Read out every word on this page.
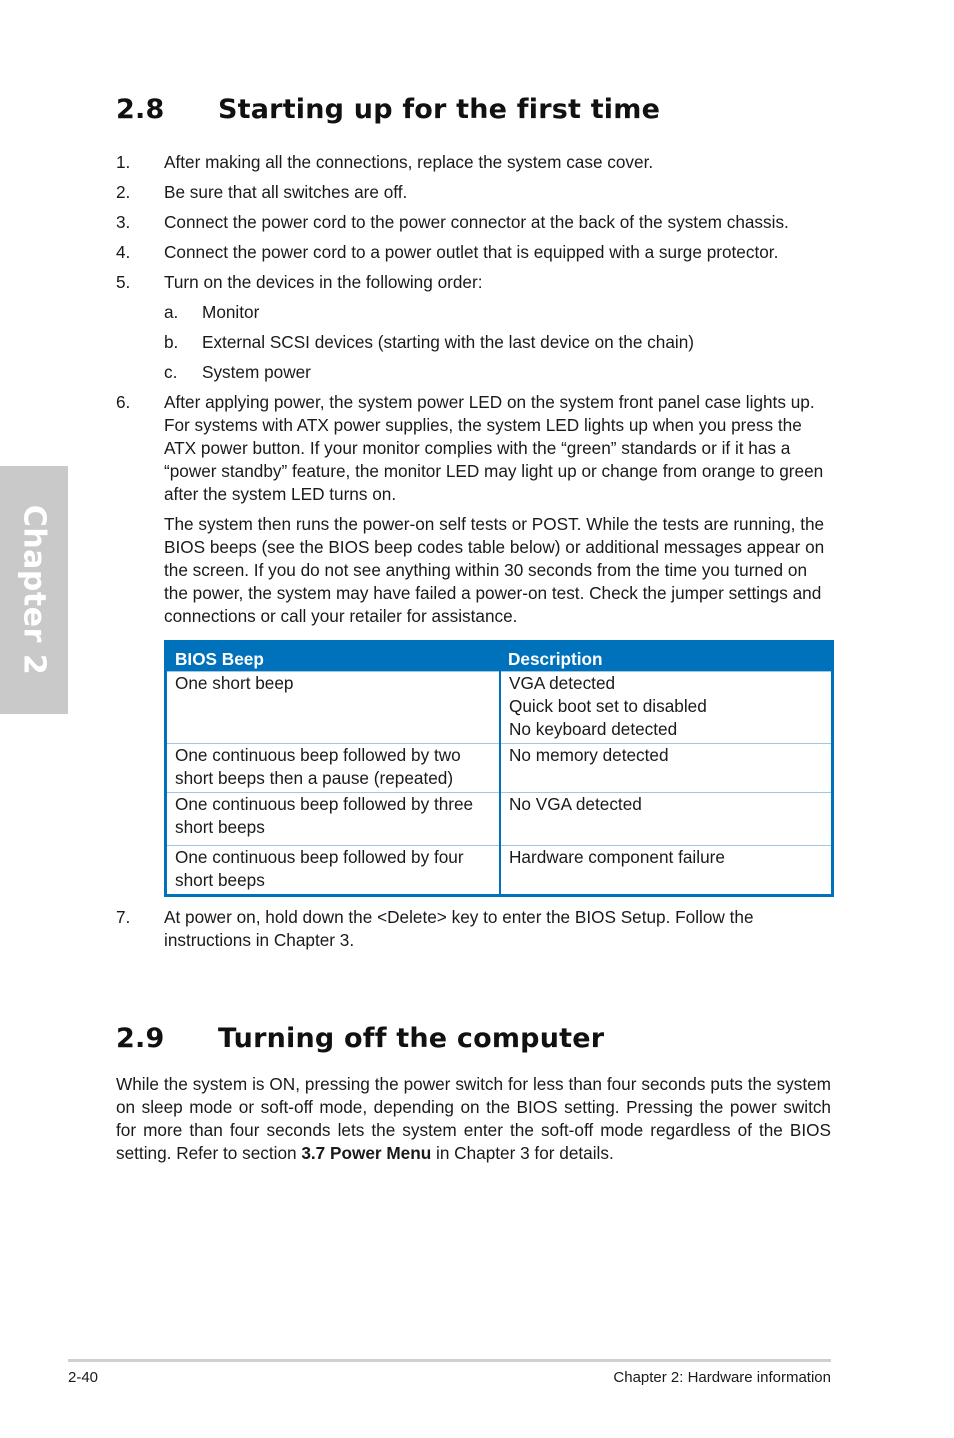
Chapter 2
2.8 Starting up for the first time
1. After making all the connections, replace the system case cover.
2. Be sure that all switches are off.
3. Connect the power cord to the power connector at the back of the system chassis.
4. Connect the power cord to a power outlet that is equipped with a surge protector.
5. Turn on the devices in the following order:
a. Monitor
b. External SCSI devices (starting with the last device on the chain)
c. System power
6. After applying power, the system power LED on the system front panel case lights up. For systems with ATX power supplies, the system LED lights up when you press the ATX power button. If your monitor complies with the “green” standards or if it has a “power standby” feature, the monitor LED may light up or change from orange to green after the system LED turns on.
The system then runs the power-on self tests or POST. While the tests are running, the BIOS beeps (see the BIOS beep codes table below) or additional messages appear on the screen. If you do not see anything within 30 seconds from the time you turned on the power, the system may have failed a power-on test. Check the jumper settings and connections or call your retailer for assistance.
BIOS Beep	Description
One short beep	VGA detected
Quick boot set to disabled
No keyboard detected

One continuous beep followed by two short beeps then a pause (repeated)	No memory detected

One continuous beep followed by three short beeps	No VGA detected

One continuous beep followed by four short beeps	Hardware component failure
7. At power on, hold down the <Delete> key to enter the BIOS Setup. Follow the instructions in Chapter 3.
2.9 Turning off the computer
While the system is ON, pressing the power switch for less than four seconds puts the system on sleep mode or soft-off mode, depending on the BIOS setting. Pressing the power switch for more than four seconds lets the system enter the soft-off mode regardless of the BIOS setting. Refer to section 3.7 Power Menu in Chapter 3 for details.
2-40	Chapter 2: Hardware information
